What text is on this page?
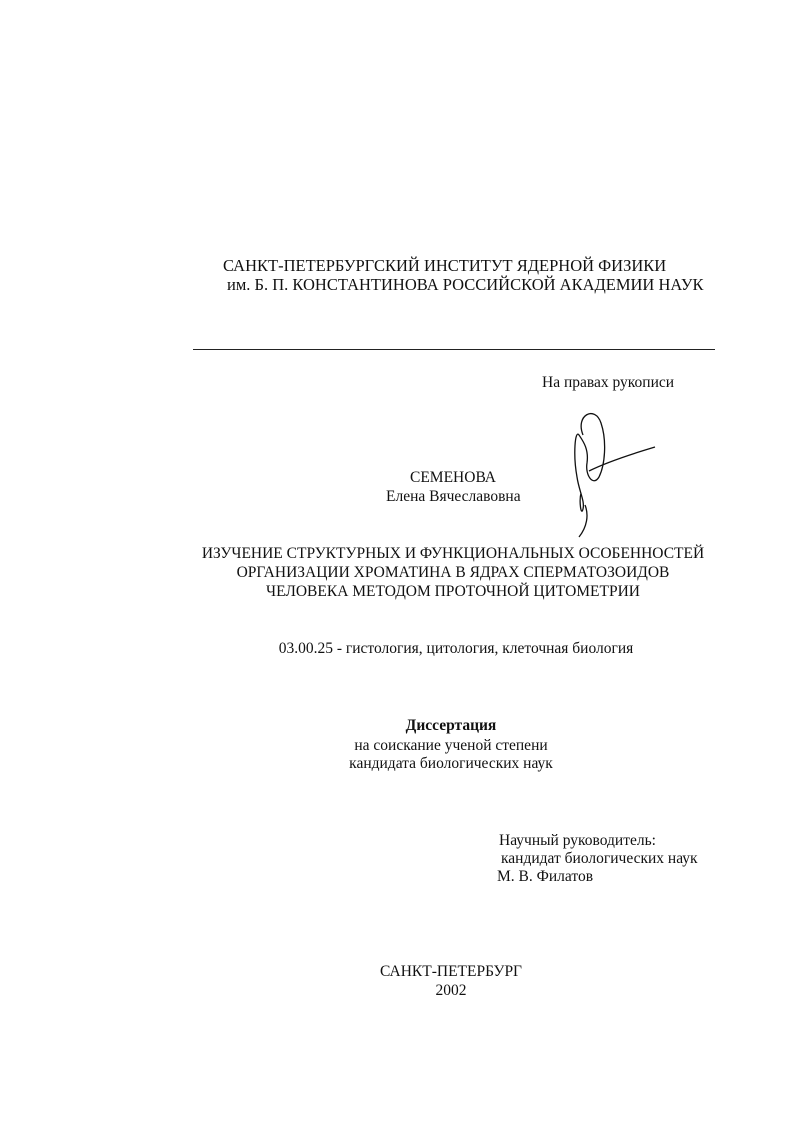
САНКТ-ПЕТЕРБУРГСКИЙ ИНСТИТУТ ЯДЕРНОЙ ФИЗИКИ
им. Б. П. КОНСТАНТИНОВА РОССИЙСКОЙ АКАДЕМИИ НАУК
На правах рукописи
СЕМЕНОВА
Елена Вячеславовна
ИЗУЧЕНИЕ СТРУКТУРНЫХ И ФУНКЦИОНАЛЬНЫХ ОСОБЕННОСТЕЙ
ОРГАНИЗАЦИИ ХРОМАТИНА В ЯДРАХ СПЕРМАТОЗОИДОВ
ЧЕЛОВЕКА МЕТОДОМ ПРОТОЧНОЙ ЦИТОМЕТРИИ
03.00.25 - гистология, цитология, клеточная биология
Диссертация
на соискание ученой степени
кандидата биологических наук
Научный руководитель:
кандидат биологических наук
М. В. Филатов
САНКТ-ПЕТЕРБУРГ
2002
